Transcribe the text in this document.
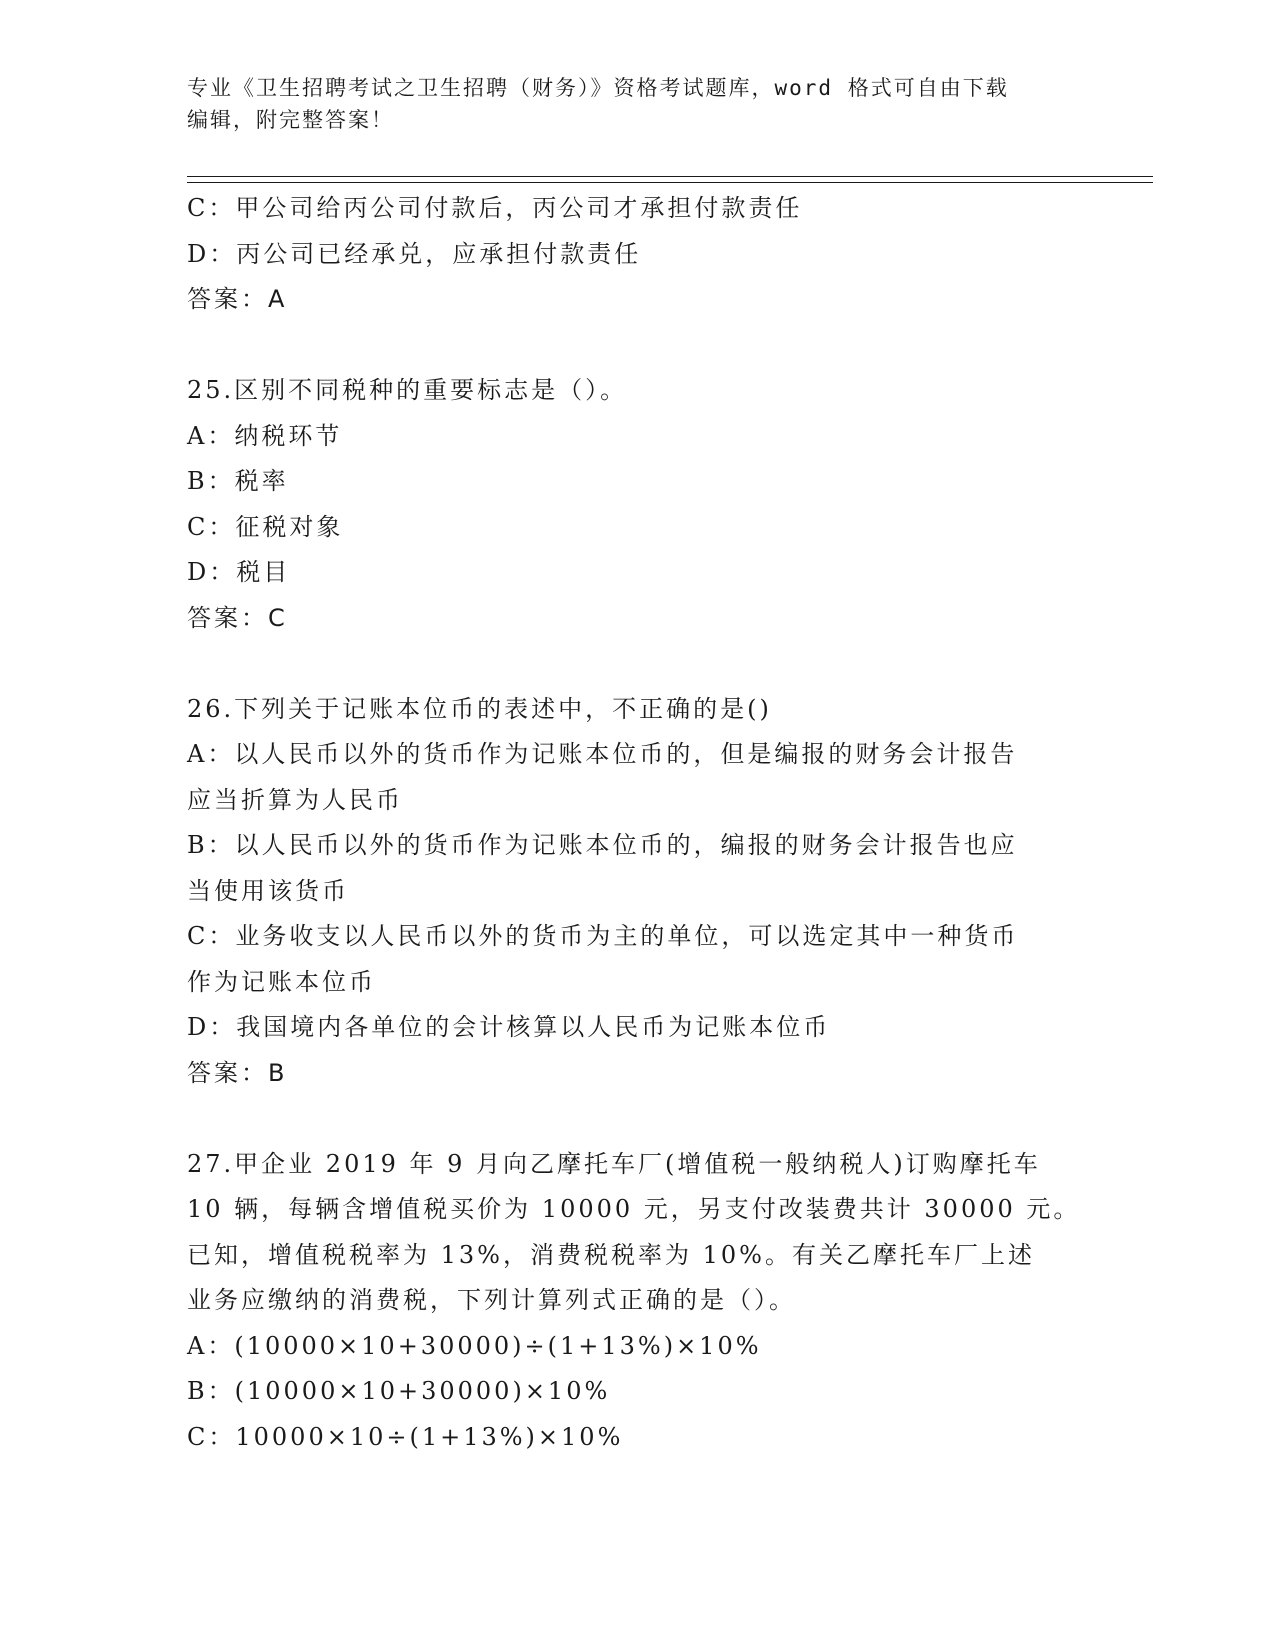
专业《卫生招聘考试之卫生招聘（财务）》资格考试题库，word 格式可自由下载
编辑，附完整答案！
C：甲公司给丙公司付款后，丙公司才承担付款责任
D：丙公司已经承兑，应承担付款责任
答案：A
25.区别不同税种的重要标志是（）。
A：纳税环节
B：税率
C：征税对象
D：税目
答案：C
26.下列关于记账本位币的表述中，不正确的是()
A：以人民币以外的货币作为记账本位币的，但是编报的财务会计报告
应当折算为人民币
B：以人民币以外的货币作为记账本位币的，编报的财务会计报告也应
当使用该货币
C：业务收支以人民币以外的货币为主的单位，可以选定其中一种货币
作为记账本位币
D：我国境内各单位的会计核算以人民币为记账本位币
答案：B
27.甲企业 2019 年 9 月向乙摩托车厂(增值税一般纳税人)订购摩托车
10 辆，每辆含增值税买价为 10000 元，另支付改装费共计 30000 元。
已知，增值税税率为 13%，消费税税率为 10%。有关乙摩托车厂上述
业务应缴纳的消费税，下列计算列式正确的是（）。
A：(10000×10+30000)÷(1+13%)×10%
B：(10000×10+30000)×10%
C：10000×10÷(1+13%)×10%
